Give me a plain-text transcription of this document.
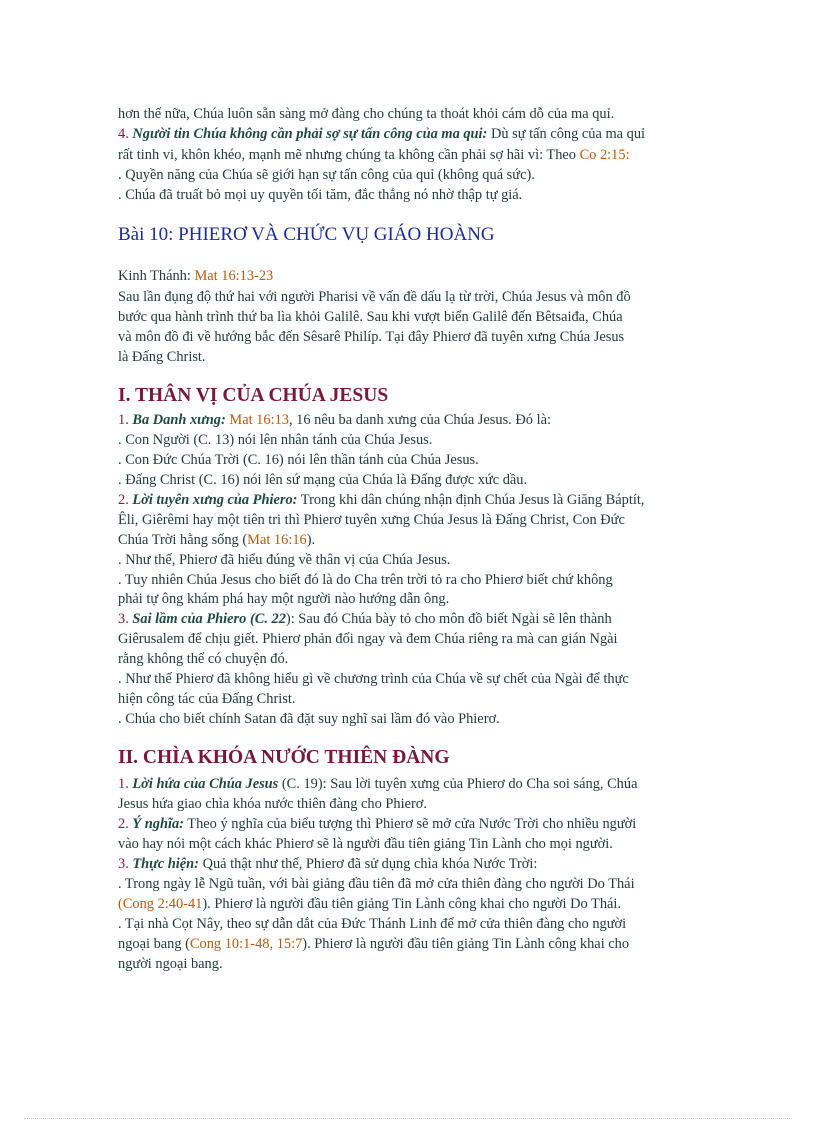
hơn thế nữa, Chúa luôn sẵn sàng mở đàng cho chúng ta thoát khỏi cám dỗ của ma quỉ.
4. Người tin Chúa không cần phải sợ sự tấn công của ma qui: Dù sự tấn công của ma quỉ
rất tinh vi, khôn khéo, mạnh mẽ nhưng chúng ta không cần phải sợ hãi vì: Theo Co 2:15:
. Quyền năng của Chúa sẽ giới hạn sự tấn công của quỉ (không quá sức).
. Chúa đã truất bỏ mọi uy quyền tối tăm, đắc thắng nó nhờ thập tự giá.
Bài 10: PHIERƠ VÀ CHỨC VỤ GIÁO HOÀNG
Kinh Thánh: Mat 16:13-23
Sau lần đụng độ thứ hai với người Pharisi về vấn đề dấu lạ từ trời, Chúa Jesus và môn đồ
bước qua hành trình thứ ba lìa khỏi Galilê. Sau khi vượt biển Galilê đến Bêtsaiđa, Chúa
và môn đồ đi về hướng bắc đến Sêsarê Philíp. Tại đây Phierơ đã tuyên xưng Chúa Jesus
là Đấng Christ.
I. THÂN VỊ CỦA CHÚA JESUS
1. Ba Danh xưng: Mat 16:13, 16 nêu ba danh xưng của Chúa Jesus. Đó là:
. Con Người (C. 13) nói lên nhân tánh của Chúa Jesus.
. Con Đức Chúa Trời (C. 16) nói lên thần tánh của Chúa Jesus.
. Đấng Christ (C. 16) nói lên sứ mạng của Chúa là Đấng được xức dầu.
2. Lời tuyên xưng của Phiero: Trong khi dân chúng nhận định Chúa Jesus là Giăng Báptít,
Êli, Giêrêmi hay một tiên tri thì Phierơ tuyên xưng Chúa Jesus là Đấng Christ, Con Đức
Chúa Trời hằng sống (Mat 16:16).
. Như thế, Phierơ đã hiểu đúng về thân vị của Chúa Jesus.
. Tuy nhiên Chúa Jesus cho biết đó là do Cha trên trời tỏ ra cho Phierơ biết chứ không
phải tự ông khám phá hay một người nào hướng dẫn ông.
3. Sai lầm của Phiero (C. 22): Sau đó Chúa bày tỏ cho môn đồ biết Ngài sẽ lên thành
Giêrusalem để chịu giết. Phierơ phản đối ngay và đem Chúa riêng ra mà can gián Ngài
rằng không thể có chuyện đó.
. Như thế Phierơ đã không hiểu gì về chương trình của Chúa về sự chết của Ngài để thực
hiện công tác của Đấng Christ.
. Chúa cho biết chính Satan đã đặt suy nghĩ sai lầm đó vào Phierơ.
II. CHÌA KHÓA NƯỚC THIÊN ĐÀNG
1. Lời hứa của Chúa Jesus (C. 19): Sau lời tuyên xưng của Phierơ do Cha soi sáng, Chúa
Jesus hứa giao chìa khóa nước thiên đàng cho Phierơ.
2. Ý nghĩa: Theo ý nghĩa của biểu tượng thì Phierơ sẽ mở cửa Nước Trời cho nhiều người
vào hay nói một cách khác Phierơ sẽ là người đầu tiên giảng Tin Lành cho mọi người.
3. Thực hiện: Quả thật như thế, Phierơ đã sử dụng chìa khóa Nước Trời:
. Trong ngày lễ Ngũ tuần, với bài giảng đầu tiên đã mở cửa thiên đàng cho người Do Thái
(Cong 2:40-41). Phierơ là người đầu tiên giảng Tin Lành công khai cho người Do Thái.
. Tại nhà Cọt Nây, theo sự dẫn dắt của Đức Thánh Linh để mở cửa thiên đàng cho người
ngoại bang (Cong 10:1-48, 15:7). Phierơ là người đầu tiên giảng Tin Lành công khai cho
người ngoại bang.
